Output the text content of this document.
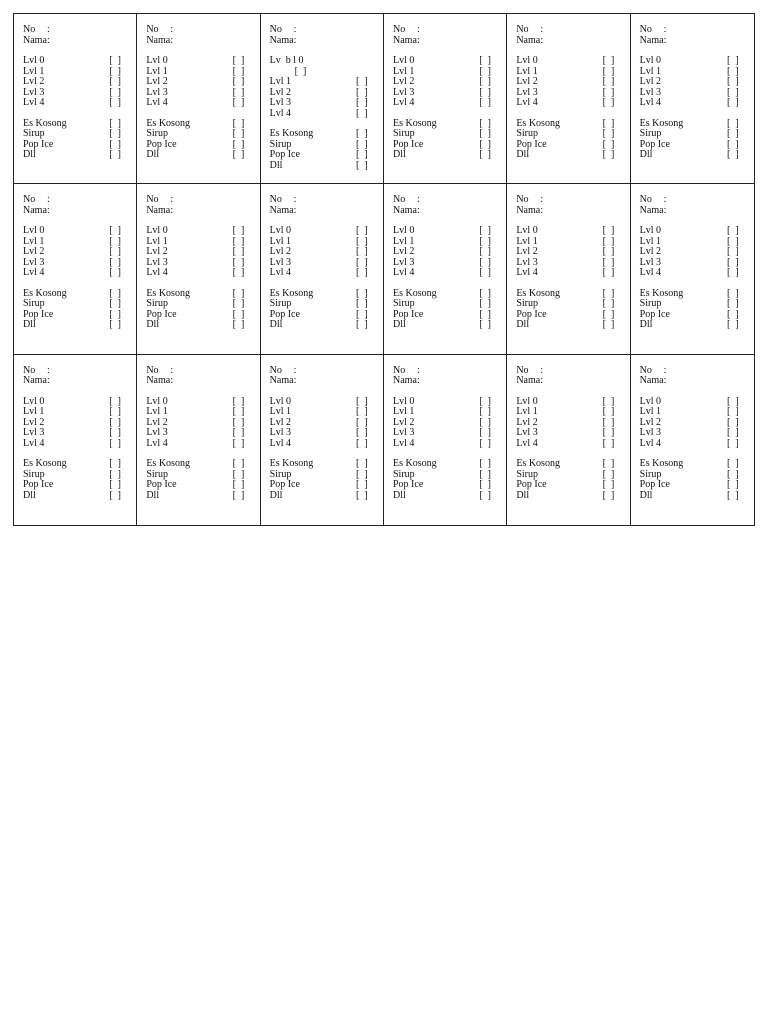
No	:
Nama :
Lvl 0	[  ]
Lvl 1	[  ]
Lvl 2	[  ]
Lvl 3	[  ]
Lvl 4	[  ]
Es Kosong	[  ]
Sirup	[  ]
Pop Ice	[  ]
Dll	[  ]
No	:
Nama :
Lvl 0	[  ]
Lvl 1	[  ]
Lvl 2	[  ]
Lvl 3	[  ]
Lvl 4	[  ]
Es Kosong	[  ]
Sirup	[  ]
Pop Ice	[  ]
Dll	[  ]
No	:
Nama :
Lv  b l 0
[  ]
Lvl 1	[  ]
Lvl 2	[  ]
Lvl 3	[  ]
Lvl 4	[  ]
Es Kosong	[  ]
Sirup	[  ]
Pop Ice	[  ]
Dll	[  ]
No	:
Nama :
Lvl 0	[  ]
Lvl 1	[  ]
Lvl 2	[  ]
Lvl 3	[  ]
Lvl 4	[  ]
Es Kosong	[  ]
Sirup	[  ]
Pop Ice	[  ]
Dll	[  ]
No	:
Nama :
Lvl 0	[  ]
Lvl 1	[  ]
Lvl 2	[  ]
Lvl 3	[  ]
Lvl 4	[  ]
Es Kosong	[  ]
Sirup	[  ]
Pop Ice	[  ]
Dll	[  ]
No	:
Nama :
Lvl 0	[  ]
Lvl 1	[  ]
Lvl 2	[  ]
Lvl 3	[  ]
Lvl 4	[  ]
Es Kosong	[  ]
Sirup	[  ]
Pop Ice	[  ]
Dll	[  ]
No	:
Nama :
Lvl 0	[  ]
Lvl 1	[  ]
Lvl 2	[  ]
Lvl 3	[  ]
Lvl 4	[  ]
Es Kosong	[  ]
Sirup	[  ]
Pop Ice	[  ]
Dll	[  ]
No	:
Nama :
Lvl 0	[  ]
Lvl 1	[  ]
Lvl 2	[  ]
Lvl 3	[  ]
Lvl 4	[  ]
Es Kosong	[  ]
Sirup	[  ]
Pop Ice	[  ]
Dll	[  ]
No	:
Nama :
Lvl 0	[  ]
Lvl 1	[  ]
Lvl 2	[  ]
Lvl 3	[  ]
Lvl 4	[  ]
Es Kosong	[  ]
Sirup	[  ]
Pop Ice	[  ]
Dll	[  ]
No	:
Nama :
Lvl 0	[  ]
Lvl 1	[  ]
Lvl 2	[  ]
Lvl 3	[  ]
Lvl 4	[  ]
Es Kosong	[  ]
Sirup	[  ]
Pop Ice	[  ]
Dll	[  ]
No	:
Nama :
Lvl 0	[  ]
Lvl 1	[  ]
Lvl 2	[  ]
Lvl 3	[  ]
Lvl 4	[  ]
Es Kosong	[  ]
Sirup	[  ]
Pop Ice	[  ]
Dll	[  ]
No	:
Nama :
Lvl 0	[  ]
Lvl 1	[  ]
Lvl 2	[  ]
Lvl 3	[  ]
Lvl 4	[  ]
Es Kosong	[  ]
Sirup	[  ]
Pop Ice	[  ]
Dll	[  ]
No	:
Nama :
Lvl 0	[  ]
Lvl 1	[  ]
Lvl 2	[  ]
Lvl 3	[  ]
Lvl 4	[  ]
Es Kosong	[  ]
Sirup	[  ]
Pop Ice	[  ]
Dll	[  ]
No	:
Nama :
Lvl 0	[  ]
Lvl 1	[  ]
Lvl 2	[  ]
Lvl 3	[  ]
Lvl 4	[  ]
Es Kosong	[  ]
Sirup	[  ]
Pop Ice	[  ]
Dll	[  ]
No	:
Nama :
Lvl 0	[  ]
Lvl 1	[  ]
Lvl 2	[  ]
Lvl 3	[  ]
Lvl 4	[  ]
Es Kosong	[  ]
Sirup	[  ]
Pop Ice	[  ]
Dll	[  ]
No	:
Nama :
Lvl 0	[  ]
Lvl 1	[  ]
Lvl 2	[  ]
Lvl 3	[  ]
Lvl 4	[  ]
Es Kosong	[  ]
Sirup	[  ]
Pop Ice	[  ]
Dll	[  ]
No	:
Nama :
Lvl 0	[  ]
Lvl 1	[  ]
Lvl 2	[  ]
Lvl 3	[  ]
Lvl 4	[  ]
Es Kosong	[  ]
Sirup	[  ]
Pop Ice	[  ]
Dll	[  ]
No	:
Nama :
Lvl 0	[  ]
Lvl 1	[  ]
Lvl 2	[  ]
Lvl 3	[  ]
Lvl 4	[  ]
Es Kosong	[  ]
Sirup	[  ]
Pop Ice	[  ]
Dll	[  ]
